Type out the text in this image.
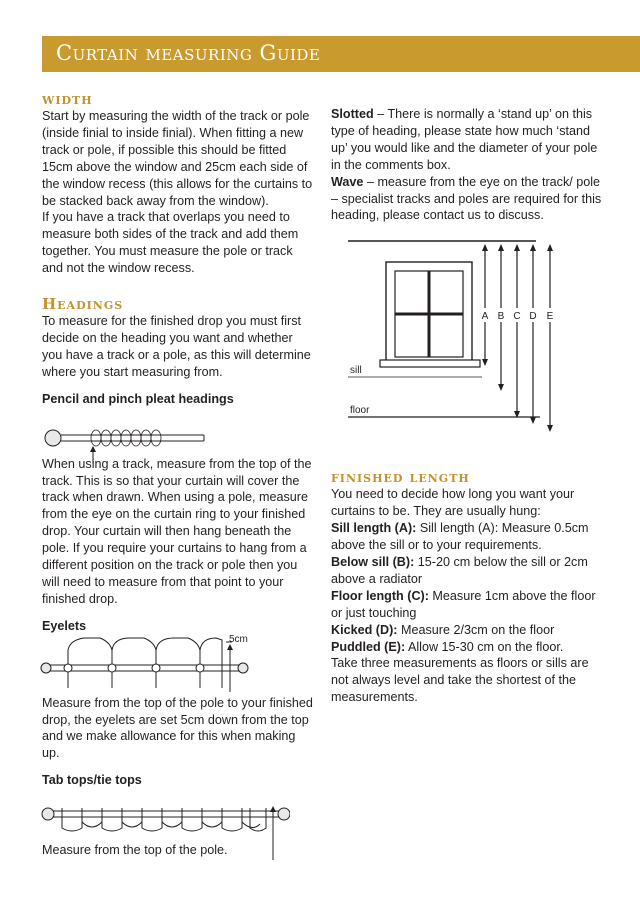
Curtain measuring Guide
width

Start by measuring the width of the track or pole (inside finial to inside finial). When fitting a new track or pole, if possible this should be fitted 15cm above the window and 25cm each side of the window recess (this allows for the curtains to be stacked back away from the window).

If you have a track that overlaps you need to measure both sides of the track and add them together. You must measure the pole or track and not the window recess.

Headings

To measure for the finished drop you must first decide on the heading you want and whether you have a track or a pole, as this will determine where you start measuring from.

Pencil and pinch pleat headings

When using a track, measure from the top of the track. This is so that your curtain will cover the track when drawn. When using a pole, measure from the eye on the curtain ring to your finished drop. Your curtain will then hang beneath the pole. If you require your curtains to hang from a different position on the track or pole then you will need to measure from that point to your finished drop.

Eyelets

Measure from the top of the pole to your finished drop, the eyelets are set 5cm down from the top and we make allowance for this when making up.

Tab tops/tie tops

Measure from the top of the pole.

5cm

Slotted – There is normally a ‘stand up’ on this type of heading, please state how much ‘stand up’ you would like and the diameter of your pole in the comments box.

Wave – measure from the eye on the track/ pole – specialist tracks and poles are required for this heading, please contact us to discuss.

finished length

You need to decide how long you want your curtains to be. They are usually hung:

Sill length (A): Sill length (A): Measure 0.5cm above the sill or to your requirements.

Below sill (B): 15-20 cm below the sill or 2cm above a radiator

Floor length (C): Measure 1cm above the floor or just touching

Kicked (D): Measure 2/3cm on the floor

Puddled (E): Allow 15-30 cm on the floor.

Take three measurements as floors or sills are not always level and take the shortest of the measurements.

sill
floor
A B C D E
